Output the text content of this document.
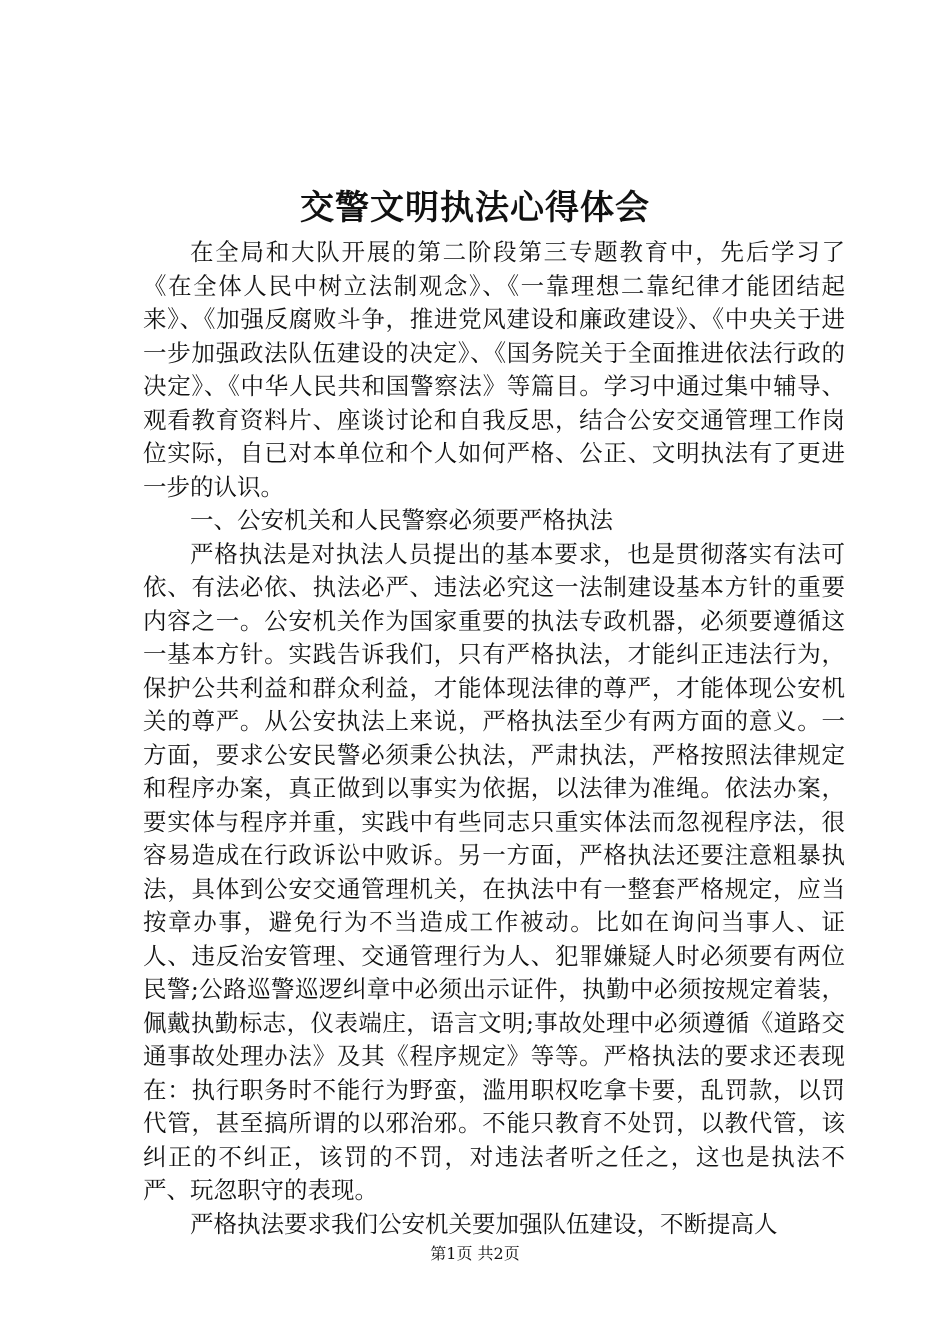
交警文明执法心得体会

在全局和大队开展的第二阶段第三专题教育中，先后学习了《在全体人民中树立法制观念》、《一靠理想二靠纪律才能团结起来》、《加强反腐败斗争，推进党风建设和廉政建设》、《中央关于进一步加强政法队伍建设的决定》、《国务院关于全面推进依法行政的决定》、《中华人民共和国警察法》等篇目。学习中通过集中辅导、观看教育资料片、座谈讨论和自我反思，结合公安交通管理工作岗位实际，自已对本单位和个人如何严格、公正、文明执法有了更进一步的认识。

一、公安机关和人民警察必须要严格执法

严格执法是对执法人员提出的基本要求，也是贯彻落实有法可依、有法必依、执法必严、违法必究这一法制建设基本方针的重要内容之一。公安机关作为国家重要的执法专政机器，必须要遵循这一基本方针。实践告诉我们，只有严格执法，才能纠正违法行为，保护公共利益和群众利益，才能体现法律的尊严，才能体现公安机关的尊严。从公安执法上来说，严格执法至少有两方面的意义。一方面，要求公安民警必须秉公执法，严肃执法，严格按照法律规定和程序办案，真正做到以事实为依据，以法律为准绳。依法办案，要实体与程序并重，实践中有些同志只重实体法而忽视程序法，很容易造成在行政诉讼中败诉。另一方面，严格执法还要注意粗暴执法，具体到公安交通管理机关，在执法中有一整套严格规定，应当按章办事，避免行为不当造成工作被动。比如在询问当事人、证人、违反治安管理、交通管理行为人、犯罪嫌疑人时必须要有两位民警;公路巡警巡逻纠章中必须出示证件，执勤中必须按规定着装，佩戴执勤标志，仪表端庄，语言文明;事故处理中必须遵循《道路交通事故处理办法》及其《程序规定》等等。严格执法的要求还表现在：执行职务时不能行为野蛮，滥用职权吃拿卡要，乱罚款，以罚代管，甚至搞所谓的以邪治邪。不能只教育不处罚，以教代管，该纠正的不纠正，该罚的不罚，对违法者听之任之，这也是执法不严、玩忽职守的表现。

严格执法要求我们公安机关要加强队伍建设，不断提高人

第1页 共2页
